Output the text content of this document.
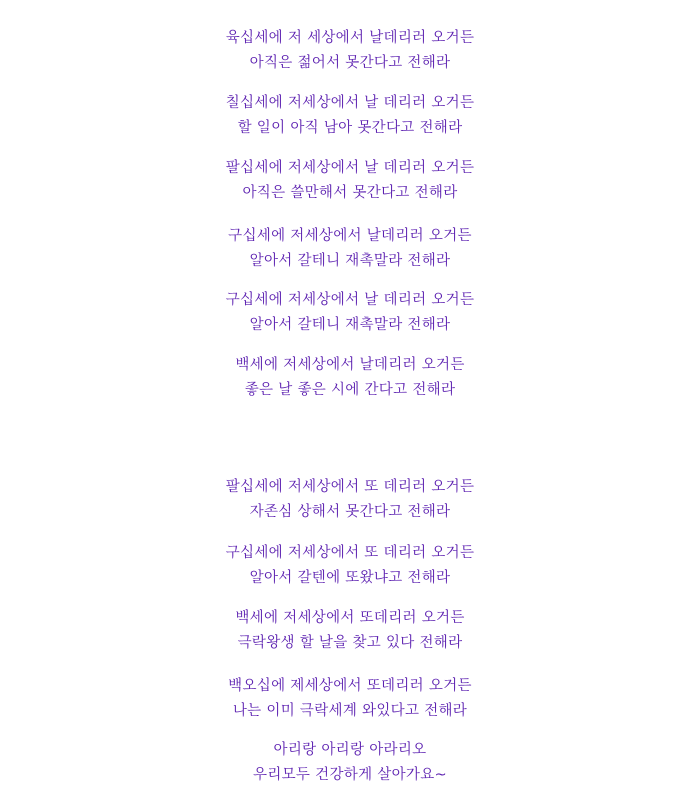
육십세에 저 세상에서 날데리러 오거든
아직은 젊어서 못간다고 전해라
칠십세에 저세상에서 날 데리러 오거든
할 일이 아직 남아 못간다고 전해라
팔십세에 저세상에서 날 데리러 오거든
아직은 쓸만해서 못간다고 전해라
구십세에 저세상에서 날데리러 오거든
알아서 갈테니 재촉말라 전해라
구십세에 저세상에서 날 데리러 오거든
알아서 갈테니 재촉말라 전해라
백세에 저세상에서 날데리러 오거든
좋은 날 좋은 시에 간다고 전해라
팔십세에 저세상에서 또 데리러 오거든
자존심 상해서 못간다고 전해라
구십세에 저세상에서 또 데리러 오거든
알아서 갈텐에 또왔냐고 전해라
백세에 저세상에서 또데리러 오거든
극락왕생 할 날을 찾고 있다 전해라
백오십에 제세상에서 또데리러 오거든
나는 이미 극락세계 와있다고 전해라
아리랑 아리랑 아라리오
우리모두 건강하게 살아가요~
